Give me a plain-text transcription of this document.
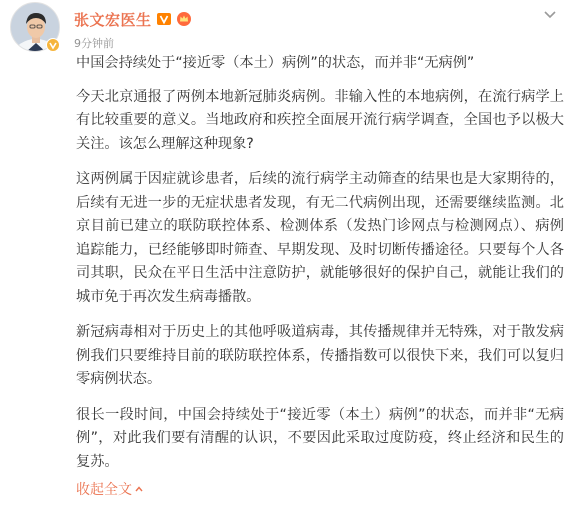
张文宏医生
9分钟前

中国会持续处于“接近零（本土）病例”的状态，而并非“无病例”

今天北京通报了两例本地新冠肺炎病例。非输入性的本地病例，在流行病学上有比较重要的意义。当地政府和疾控全面展开流行病学调查，全国也予以极大关注。该怎么理解这种现象?

这两例属于因症就诊患者，后续的流行病学主动筛查的结果也是大家期待的，后续有无进一步的无症状患者发现，有无二代病例出现，还需要继续监测。北京目前已建立的联防联控体系、检测体系（发热门诊网点与检测网点）、病例追踪能力，已经能够即时筛查、早期发现、及时切断传播途径。只要每个人各司其职，民众在平日生活中注意防护，就能够很好的保护自己，就能让我们的城市免于再次发生病毒播散。

新冠病毒相对于历史上的其他呼吸道病毒，其传播规律并无特殊，对于散发病例我们只要维持目前的联防联控体系，传播指数可以很快下来，我们可以复归零病例状态。

很长一段时间，中国会持续处于“接近零（本土）病例”的状态，而并非“无病例”，对此我们要有清醒的认识，不要因此采取过度防疫，终止经济和民生的复苏。

收起全文
